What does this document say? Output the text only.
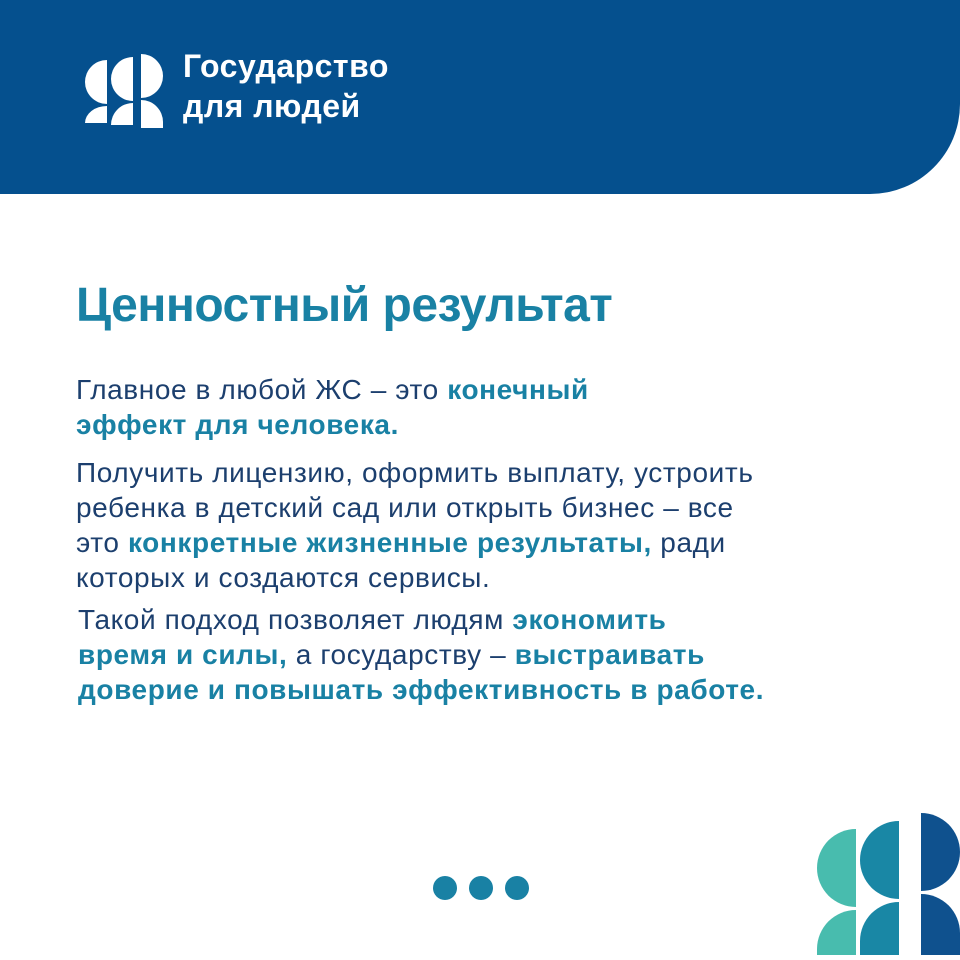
Государство
для людей
Ценностный результат
Главное в любой ЖС – это конечный
эффект для человека.
Получить лицензию, оформить выплату, устроить
ребенка в детский сад или открыть бизнес – все
это конкретные жизненные результаты, ради
которых и создаются сервисы.
Такой подход позволяет людям экономить
время и силы, а государству – выстраивать
доверие и повышать эффективность в работе.
